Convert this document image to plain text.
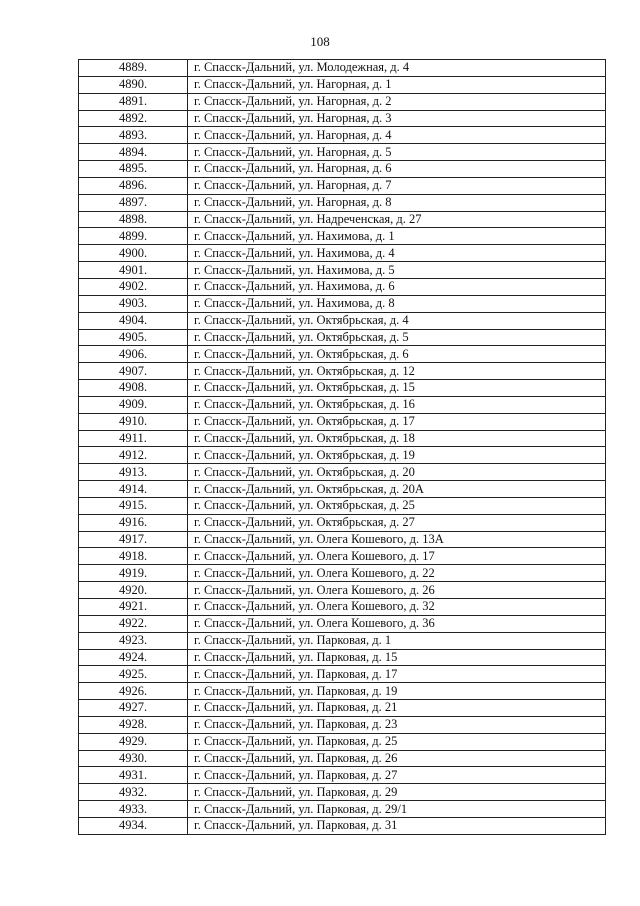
108
4889.	г. Спасск-Дальний, ул. Молодежная, д. 4
4890.	г. Спасск-Дальний, ул. Нагорная, д. 1
4891.	г. Спасск-Дальний, ул. Нагорная, д. 2
4892.	г. Спасск-Дальний, ул. Нагорная, д. 3
4893.	г. Спасск-Дальний, ул. Нагорная, д. 4
4894.	г. Спасск-Дальний, ул. Нагорная, д. 5
4895.	г. Спасск-Дальний, ул. Нагорная, д. 6
4896.	г. Спасск-Дальний, ул. Нагорная, д. 7
4897.	г. Спасск-Дальний, ул. Нагорная, д. 8
4898.	г. Спасск-Дальний, ул. Надреченская, д. 27
4899.	г. Спасск-Дальний, ул. Нахимова, д. 1
4900.	г. Спасск-Дальний, ул. Нахимова, д. 4
4901.	г. Спасск-Дальний, ул. Нахимова, д. 5
4902.	г. Спасск-Дальний, ул. Нахимова, д. 6
4903.	г. Спасск-Дальний, ул. Нахимова, д. 8
4904.	г. Спасск-Дальний, ул. Октябрьская, д. 4
4905.	г. Спасск-Дальний, ул. Октябрьская, д. 5
4906.	г. Спасск-Дальний, ул. Октябрьская, д. 6
4907.	г. Спасск-Дальний, ул. Октябрьская, д. 12
4908.	г. Спасск-Дальний, ул. Октябрьская, д. 15
4909.	г. Спасск-Дальний, ул. Октябрьская, д. 16
4910.	г. Спасск-Дальний, ул. Октябрьская, д. 17
4911.	г. Спасск-Дальний, ул. Октябрьская, д. 18
4912.	г. Спасск-Дальний, ул. Октябрьская, д. 19
4913.	г. Спасск-Дальний, ул. Октябрьская, д. 20
4914.	г. Спасск-Дальний, ул. Октябрьская, д. 20А
4915.	г. Спасск-Дальний, ул. Октябрьская, д. 25
4916.	г. Спасск-Дальний, ул. Октябрьская, д. 27
4917.	г. Спасск-Дальний, ул. Олега Кошевого, д. 13А
4918.	г. Спасск-Дальний, ул. Олега Кошевого, д. 17
4919.	г. Спасск-Дальний, ул. Олега Кошевого, д. 22
4920.	г. Спасск-Дальний, ул. Олега Кошевого, д. 26
4921.	г. Спасск-Дальний, ул. Олега Кошевого, д. 32
4922.	г. Спасск-Дальний, ул. Олега Кошевого, д. 36
4923.	г. Спасск-Дальний, ул. Парковая, д. 1
4924.	г. Спасск-Дальний, ул. Парковая, д. 15
4925.	г. Спасск-Дальний, ул. Парковая, д. 17
4926.	г. Спасск-Дальний, ул. Парковая, д. 19
4927.	г. Спасск-Дальний, ул. Парковая, д. 21
4928.	г. Спасск-Дальний, ул. Парковая, д. 23
4929.	г. Спасск-Дальний, ул. Парковая, д. 25
4930.	г. Спасск-Дальний, ул. Парковая, д. 26
4931.	г. Спасск-Дальний, ул. Парковая, д. 27
4932.	г. Спасск-Дальний, ул. Парковая, д. 29
4933.	г. Спасск-Дальний, ул. Парковая, д. 29/1
4934.	г. Спасск-Дальний, ул. Парковая, д. 31
